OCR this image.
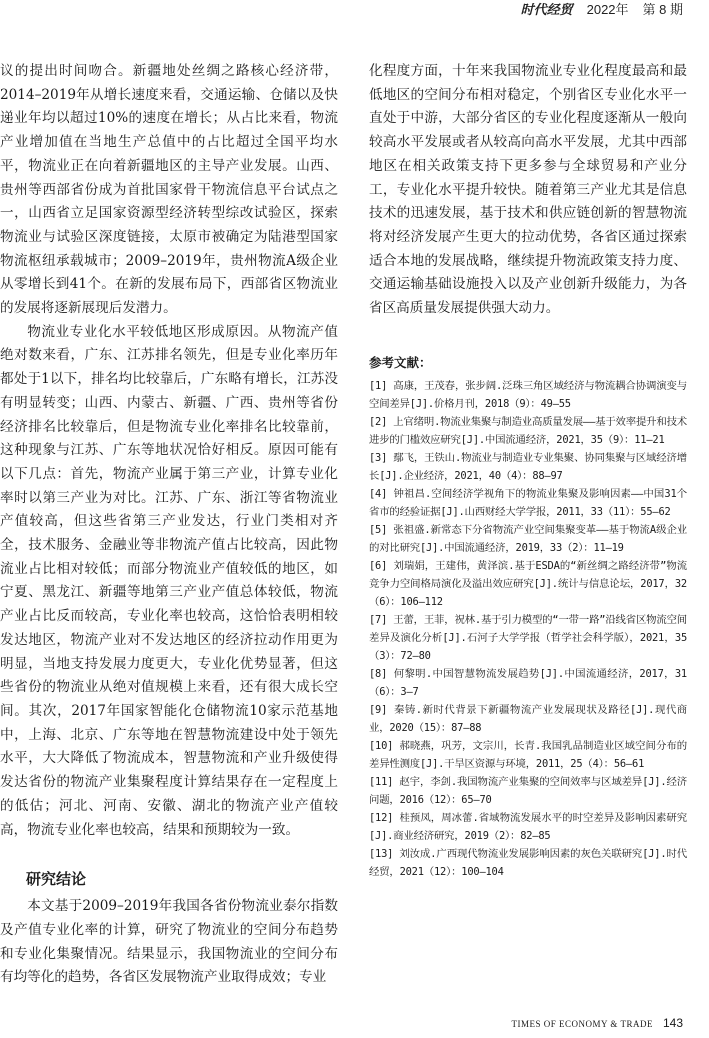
时代经贸 2022年 第 8 期

议的提出时间吻合。新疆地处丝绸之路核心经济带，2014–2019年从增长速度来看，交通运输、仓储以及快递业年均以超过10%的速度在增长；从占比来看，物流产业增加值在当地生产总值中的占比超过全国平均水平，物流业正在向着新疆地区的主导产业发展。山西、贵州等西部省份成为首批国家骨干物流信息平台试点之一，山西省立足国家资源型经济转型综改试验区，探索物流业与试验区深度链接，太原市被确定为陆港型国家物流枢纽承载城市；2009–2019年，贵州物流A级企业从零增长到41个。在新的发展布局下，西部省区物流业的发展将逐新展现后发潜力。

物流业专业化水平较低地区形成原因。从物流产值绝对数来看，广东、江苏排名领先，但是专业化率历年都处于1以下，排名均比较靠后，广东略有增长，江苏没有明显转变；山西、内蒙古、新疆、广西、贵州等省份经济排名比较靠后，但是物流专业化率排名比较靠前，这种现象与江苏、广东等地状况恰好相反。原因可能有以下几点：首先，物流产业属于第三产业，计算专业化率时以第三产业为对比。江苏、广东、浙江等省物流业产值较高，但这些省第三产业发达，行业门类相对齐全，技术服务、金融业等非物流产值占比较高，因此物流业占比相对较低；而部分物流业产值较低的地区，如宁夏、黑龙江、新疆等地第三产业产值总体较低，物流产业占比反而较高，专业化率也较高，这恰恰表明相较发达地区，物流产业对不发达地区的经济拉动作用更为明显，当地支持发展力度更大，专业化优势显著，但这些省份的物流业从绝对值规模上来看，还有很大成长空间。其次，2017年国家智能化仓储物流10家示范基地中，上海、北京、广东等地在智慧物流建设中处于领先水平，大大降低了物流成本，智慧物流和产业升级使得发达省份的物流产业集聚程度计算结果存在一定程度上的低估；河北、河南、安徽、湖北的物流产业产值较高，物流专业化率也较高，结果和预期较为一致。

研究结论

本文基于2009–2019年我国各省份物流业泰尔指数及产值专业化率的计算，研究了物流业的空间分布趋势和专业化集聚情况。结果显示，我国物流业的空间分布有均等化的趋势，各省区发展物流产业取得成效；专业

化程度方面，十年来我国物流业专业化程度最高和最低地区的空间分布相对稳定，个别省区专业化水平一直处于中游，大部分省区的专业化程度逐渐从一般向较高水平发展或者从较高向高水平发展，尤其中西部地区在相关政策支持下更多参与全球贸易和产业分工，专业化水平提升较快。随着第三产业尤其是信息技术的迅速发展，基于技术和供应链创新的智慧物流将对经济发展产生更大的拉动优势，各省区通过探索适合本地的发展战略，继续提升物流政策支持力度、交通运输基础设施投入以及产业创新升级能力，为各省区高质量发展提供强大动力。

参考文献：

[1] 高康，王茂春，张步阔.泛珠三角区域经济与物流耦合协调演变与空间差异[J].价格月刊，2018（9）：49–55

[2] 上官绪明.物流业集聚与制造业高质量发展——基于效率提升和技术进步的门槛效应研究[J].中国流通经济，2021，35（9）：11–21

[3] 鄢飞，王铁山.物流业与制造业专业集聚、协同集聚与区域经济增长[J].企业经济，2021，40（4）：88–97

[4] 钟祖昌.空间经济学视角下的物流业集聚及影响因素——中国31个省市的经验证据[J].山西财经大学学报，2011，33（11）：55–62

[5] 张祖盛.新常态下分省物流产业空间集聚变革——基于物流A级企业的对比研究[J].中国流通经济，2019，33（2）：11–19

[6] 刘瑞娟，王建伟，黄泽滨.基于ESDA的“新丝绸之路经济带”物流竞争力空间格局演化及溢出效应研究[J].统计与信息论坛，2017，32（6）：106–112

[7] 王蕾，王菲，祝林.基于引力模型的“一带一路”沿线省区物流空间差异及演化分析[J].石河子大学学报（哲学社会科学版），2021，35（3）：72–80

[8] 何黎明.中国智慧物流发展趋势[J].中国流通经济，2017，31（6）：3–7

[9] 秦铸.新时代背景下新疆物流产业发展现状及路径[J].现代商业，2020（15）：87–88

[10] 郝晓燕，巩芳，文宗川，长青.我国乳品制造业区域空间分布的差异性测度[J].干旱区资源与环境，2011，25（4）：56–61

[11] 赵宇，李剑.我国物流产业集聚的空间效率与区域差异[J].经济问题，2016（12）：65–70

[12] 桂预凤，周冰蕾.省域物流发展水平的时空差异及影响因素研究[J].商业经济研究，2019（2）：82–85

[13] 刘汝成.广西现代物流业发展影响因素的灰色关联研究[J].时代经贸，2021（12）：100–104

TIMES OF ECONOMY & TRADE 143
